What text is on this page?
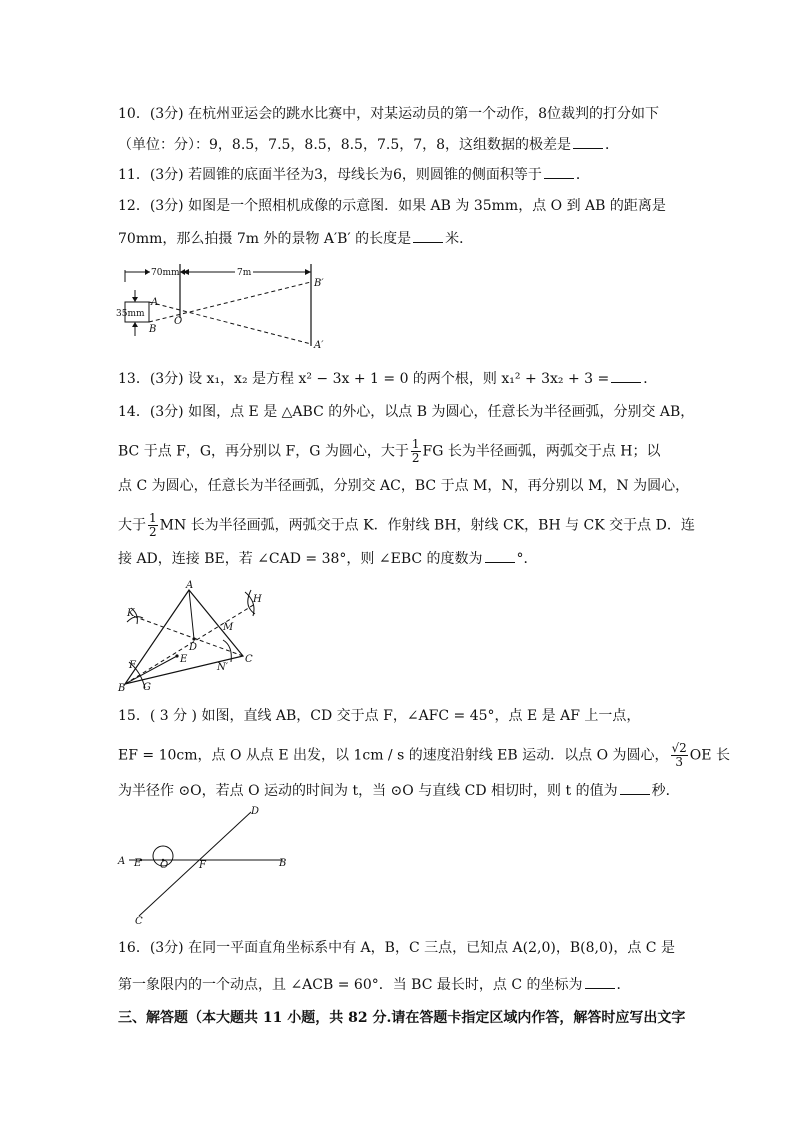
10．(3分) 在杭州亚运会的跳水比赛中，对某运动员的第一个动作，8位裁判的打分如下
（单位：分）：9，8.5，7.5，8.5，8.5，7.5，7，8，这组数据的极差是 ．
11．(3分) 若圆锥的底面半径为3，母线长为6，则圆锥的侧面积等于 ．
12．(3分) 如图是一个照相机成像的示意图．如果 AB 为 35mm，点 O 到 AB 的距离是
70mm，那么拍摄 7m 外的景物 A′B′ 的长度是 米．
70mm	7m
35mm
A
B
O
B′
A′
13．(3分) 设 x₁，x₂ 是方程 x² − 3x + 1 = 0 的两个根，则 x₁² + 3x₂ + 3 = ．
14．(3分) 如图，点 E 是 △ABC 的外心，以点 B 为圆心，任意长为半径画弧，分别交 AB，
BC 于点 F，G，再分别以 F，G 为圆心，大于 $\frac{1}{2}$ FG 长为半径画弧，两弧交于点 H；以
点 C 为圆心，任意长为半径画弧，分别交 AC，BC 于点 M，N，再分别以 M，N 为圆心，
大于 $\frac{1}{2}$ MN 长为半径画弧，两弧交于点 K．作射线 BH，射线 CK，BH 与 CK 交于点 D．连
接 AD，连接 BE，若 ∠CAD = 38°，则 ∠EBC 的度数为 °．
A
H
K
M
D
E
F	N′
C
B G
15．( 3 分 ) 如图，直线 AB，CD 交于点 F，∠AFC = 45°，点 E 是 AF 上一点，
EF = 10cm，点 O 从点 E 出发，以 1cm / s 的速度沿射线 EB 运动．以点 O 为圆心， $\frac{√2}{3}$ OE 长
为半径作 ⊙O，若点 O 运动的时间为 t，当 ⊙O 与直线 CD 相切时，则 t 的值为 秒．
A E O	F	B
C
D
16．(3分) 在同一平面直角坐标系中有 A，B，C 三点，已知点 A(2,0)，B(8,0)，点 C 是
第一象限内的一个动点，且 ∠ACB = 60°．当 BC 最长时，点 C 的坐标为 ．
三、解答题（本大题共 11 小题，共 82 分.请在答题卡指定区域内作答，解答时应写出文字
